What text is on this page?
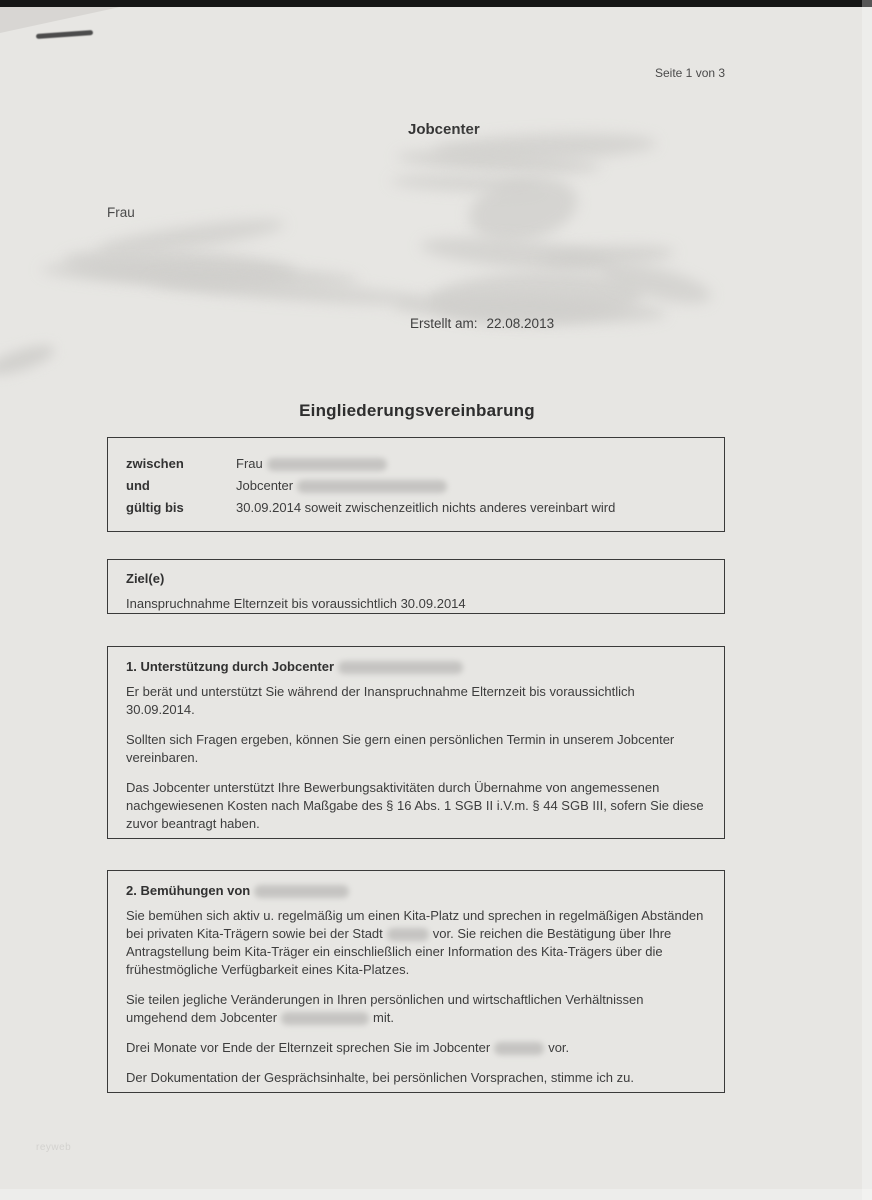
Seite 1 von 3
Jobcenter
Frau
Erstellt am: 22.08.2013
Eingliederungsvereinbarung
zwischen	Frau
und	Jobcenter
gültig bis	30.09.2014 soweit zwischenzeitlich nichts anderes vereinbart wird
Ziel(e)

Inanspruchnahme Elternzeit bis voraussichtlich 30.09.2014

1. Unterstützung durch Jobcenter

Er berät und unterstützt Sie während der Inanspruchnahme Elternzeit bis voraussichtlich 30.09.2014.

Sollten sich Fragen ergeben, können Sie gern einen persönlichen Termin in unserem Jobcenter vereinbaren.

Das Jobcenter unterstützt Ihre Bewerbungsaktivitäten durch Übernahme von angemessenen nachgewiesenen Kosten nach Maßgabe des § 16 Abs. 1 SGB II i.V.m. § 44 SGB III, sofern Sie diese zuvor beantragt haben.

2. Bemühungen von

Sie bemühen sich aktiv u. regelmäßig um einen Kita-Platz und sprechen in regelmäßigen Abständen bei privaten Kita-Trägern sowie bei der Stadt	vor. Sie reichen die Bestätigung über Ihre Antragstellung beim Kita-Träger ein einschließlich einer Information des Kita-Trägers über die frühestmögliche Verfügbarkeit eines Kita-Platzes.

Sie teilen jegliche Veränderungen in Ihren persönlichen und wirtschaftlichen Verhältnissen umgehend dem Jobcenter	mit.

Drei Monate vor Ende der Elternzeit sprechen Sie im Jobcenter	vor.

Der Dokumentation der Gesprächsinhalte, bei persönlichen Vorsprachen, stimme ich zu.

reyweb
